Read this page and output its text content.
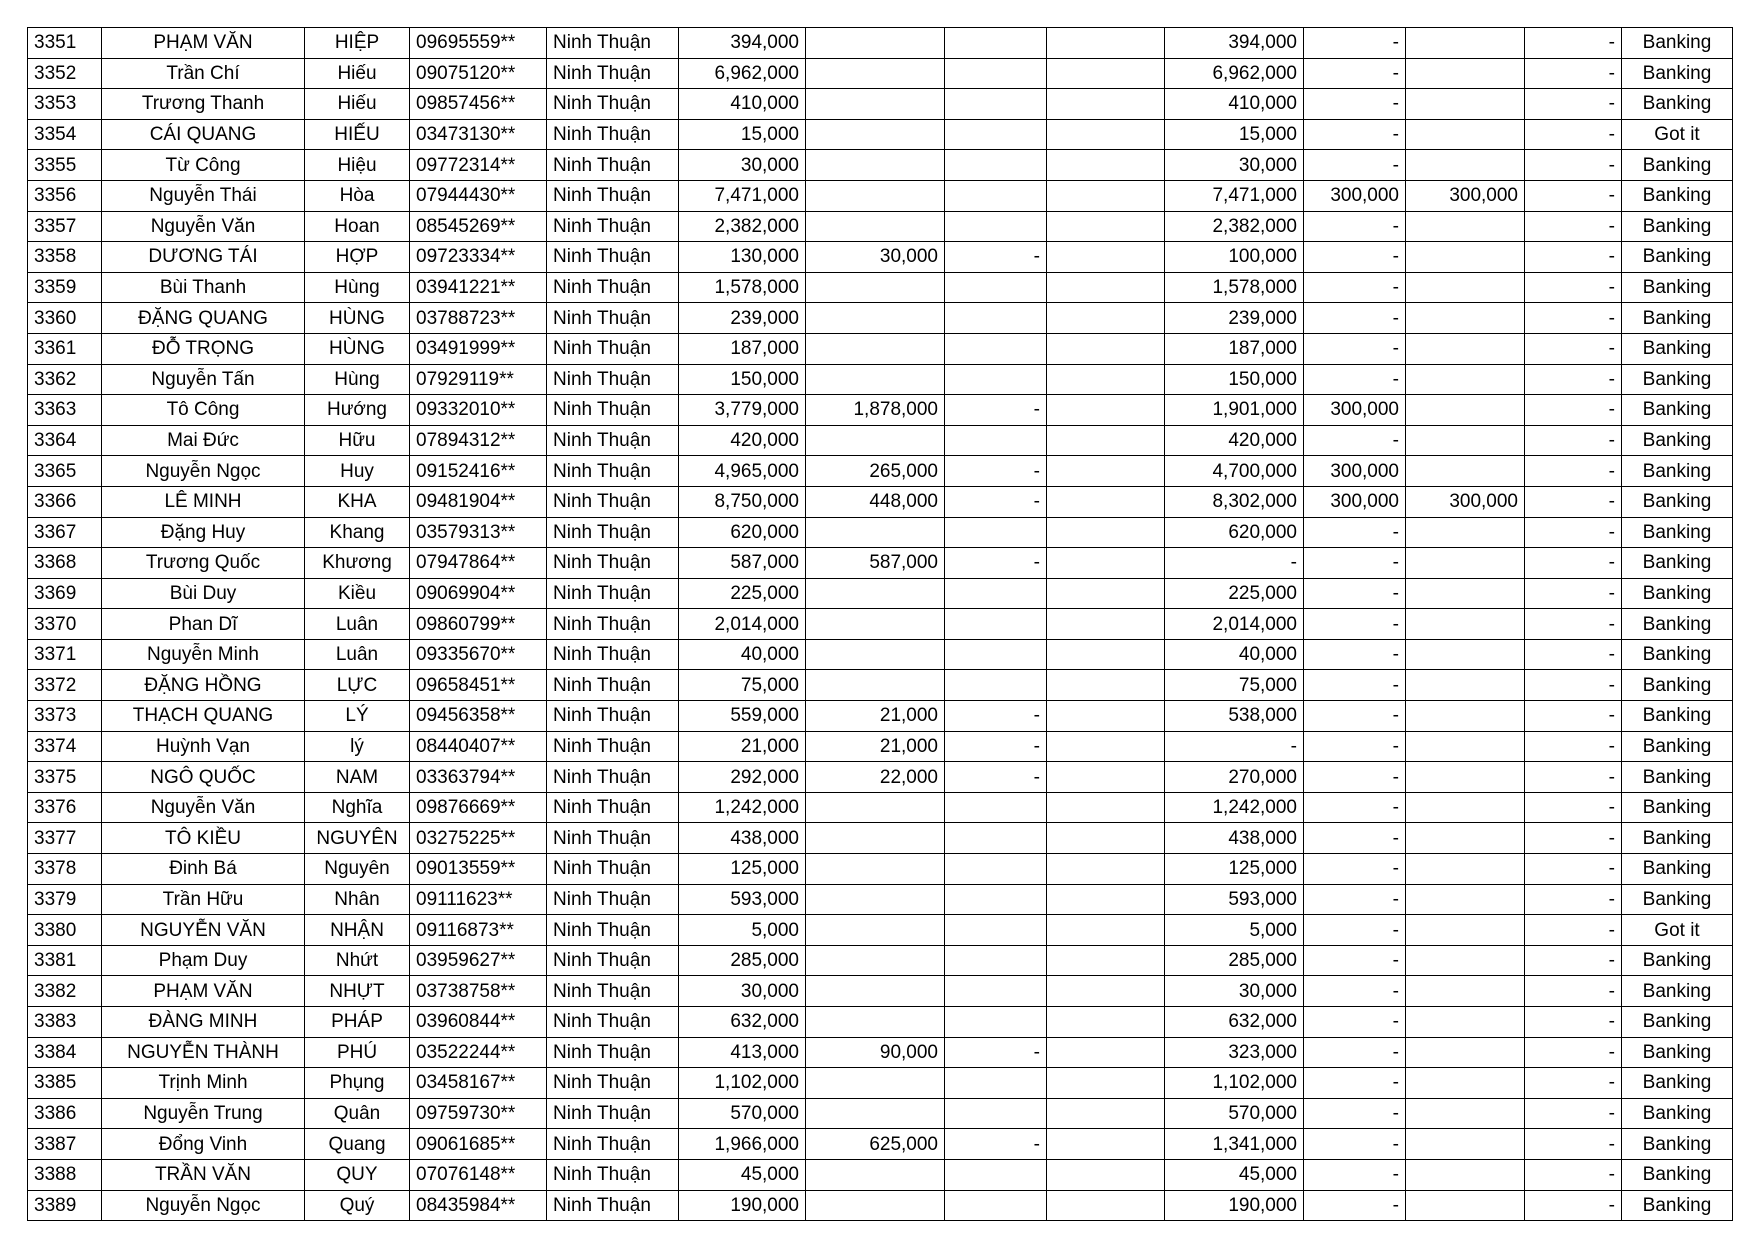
3351	PHẠM VĂN	HIỆP	09695559**	Ninh Thuận	394,000				394,000	-		-	Banking
3352	Trần Chí	Hiếu	09075120**	Ninh Thuận	6,962,000				6,962,000	-		-	Banking
3353	Trương Thanh	Hiếu	09857456**	Ninh Thuận	410,000				410,000	-		-	Banking
3354	CÁI QUANG	HIẾU	03473130**	Ninh Thuận	15,000				15,000	-		-	Got it
3355	Từ Công	Hiệu	09772314**	Ninh Thuận	30,000				30,000	-		-	Banking
3356	Nguyễn Thái	Hòa	07944430**	Ninh Thuận	7,471,000				7,471,000	300,000	300,000	-	Banking
3357	Nguyễn Văn	Hoan	08545269**	Ninh Thuận	2,382,000				2,382,000	-		-	Banking
3358	DƯƠNG TÁI	HỢP	09723334**	Ninh Thuận	130,000	30,000	-		100,000	-		-	Banking
3359	Bùi Thanh	Hùng	03941221**	Ninh Thuận	1,578,000				1,578,000	-		-	Banking
3360	ĐẶNG QUANG	HÙNG	03788723**	Ninh Thuận	239,000				239,000	-		-	Banking
3361	ĐỖ TRỌNG	HÙNG	03491999**	Ninh Thuận	187,000				187,000	-		-	Banking
3362	Nguyễn Tấn	Hùng	07929119**	Ninh Thuận	150,000				150,000	-		-	Banking
3363	Tô Công	Hướng	09332010**	Ninh Thuận	3,779,000	1,878,000	-		1,901,000	300,000		-	Banking
3364	Mai Đức	Hữu	07894312**	Ninh Thuận	420,000				420,000	-		-	Banking
3365	Nguyễn Ngọc	Huy	09152416**	Ninh Thuận	4,965,000	265,000	-		4,700,000	300,000		-	Banking
3366	LÊ MINH	KHA	09481904**	Ninh Thuận	8,750,000	448,000	-		8,302,000	300,000	300,000	-	Banking
3367	Đặng Huy	Khang	03579313**	Ninh Thuận	620,000				620,000	-		-	Banking
3368	Trương Quốc	Khương	07947864**	Ninh Thuận	587,000	587,000	-		-	-		-	Banking
3369	Bùi Duy	Kiều	09069904**	Ninh Thuận	225,000				225,000	-		-	Banking
3370	Phan Dĩ	Luân	09860799**	Ninh Thuận	2,014,000				2,014,000	-		-	Banking
3371	Nguyễn Minh	Luân	09335670**	Ninh Thuận	40,000				40,000	-		-	Banking
3372	ĐẶNG HỒNG	LỰC	09658451**	Ninh Thuận	75,000				75,000	-		-	Banking
3373	THẠCH QUANG	LÝ	09456358**	Ninh Thuận	559,000	21,000	-		538,000	-		-	Banking
3374	Huỳnh Vạn	lý	08440407**	Ninh Thuận	21,000	21,000	-		-	-		-	Banking
3375	NGÔ QUỐC	NAM	03363794**	Ninh Thuận	292,000	22,000	-		270,000	-		-	Banking
3376	Nguyễn Văn	Nghĩa	09876669**	Ninh Thuận	1,242,000				1,242,000	-		-	Banking
3377	TÔ KIỀU	NGUYÊN	03275225**	Ninh Thuận	438,000				438,000	-		-	Banking
3378	Đinh Bá	Nguyên	09013559**	Ninh Thuận	125,000				125,000	-		-	Banking
3379	Trần Hữu	Nhân	09111623**	Ninh Thuận	593,000				593,000	-		-	Banking
3380	NGUYỄN VĂN	NHẬN	09116873**	Ninh Thuận	5,000				5,000	-		-	Got it
3381	Phạm Duy	Nhứt	03959627**	Ninh Thuận	285,000				285,000	-		-	Banking
3382	PHẠM VĂN	NHỰT	03738758**	Ninh Thuận	30,000				30,000	-		-	Banking
3383	ĐÀNG MINH	PHÁP	03960844**	Ninh Thuận	632,000				632,000	-		-	Banking
3384	NGUYỄN THÀNH	PHÚ	03522244**	Ninh Thuận	413,000	90,000	-		323,000	-		-	Banking
3385	Trịnh Minh	Phụng	03458167**	Ninh Thuận	1,102,000				1,102,000	-		-	Banking
3386	Nguyễn Trung	Quân	09759730**	Ninh Thuận	570,000				570,000	-		-	Banking
3387	Đổng Vinh	Quang	09061685**	Ninh Thuận	1,966,000	625,000	-		1,341,000	-		-	Banking
3388	TRẦN VĂN	QUY	07076148**	Ninh Thuận	45,000				45,000	-		-	Banking
3389	Nguyễn Ngọc	Quý	08435984**	Ninh Thuận	190,000				190,000	-		-	Banking
